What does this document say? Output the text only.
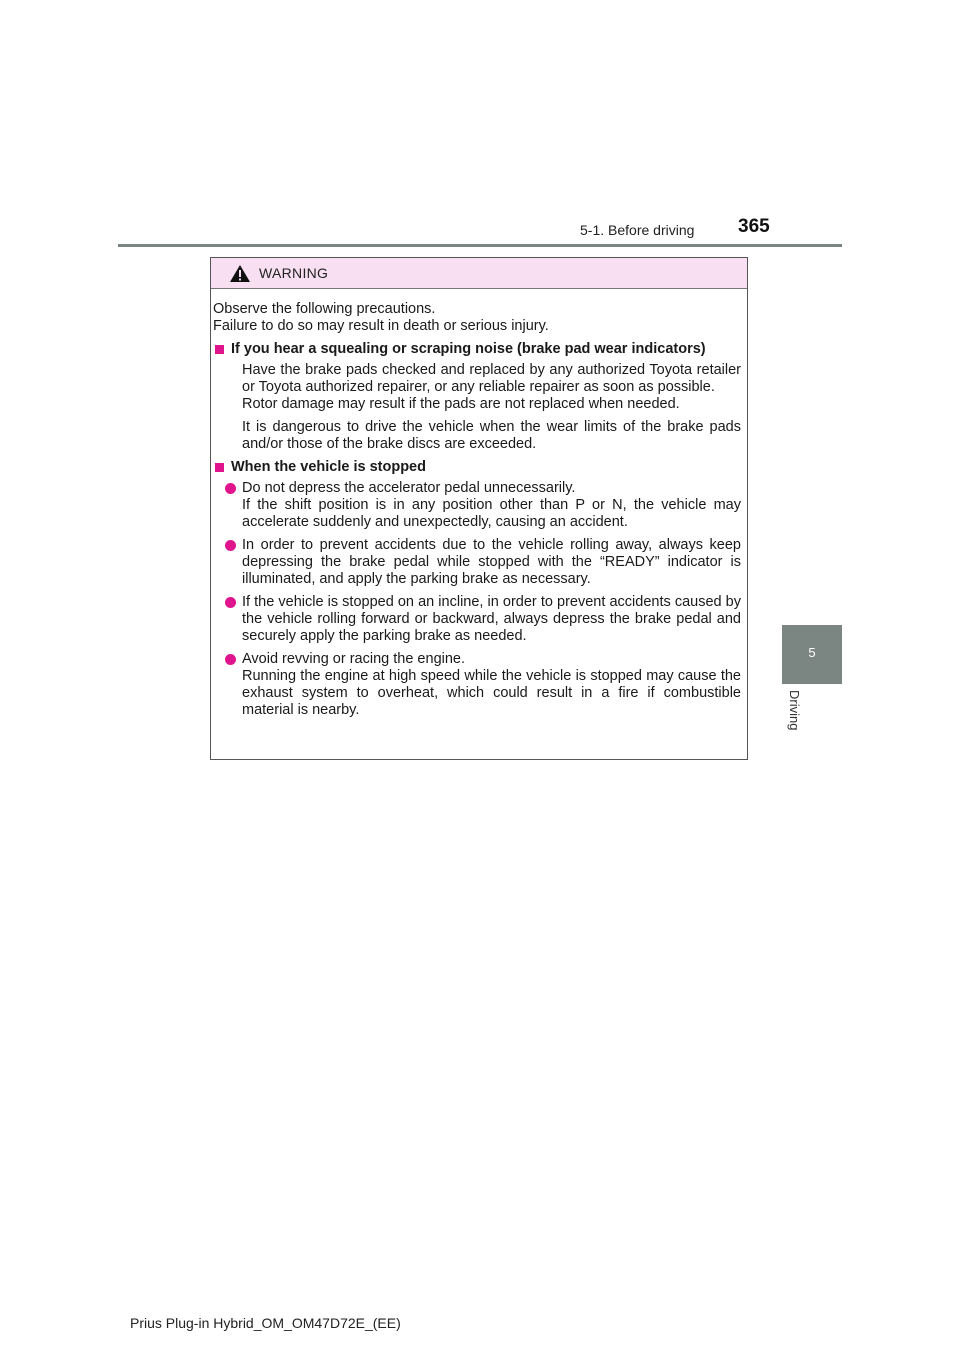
5-1. Before driving 365
5
Driving
WARNING
Observe the following precautions.
Failure to do so may result in death or serious injury.
If you hear a squealing or scraping noise (brake pad wear indicators)
Have the brake pads checked and replaced by any authorized Toyota retailer or Toyota authorized repairer, or any reliable repairer as soon as possible.
Rotor damage may result if the pads are not replaced when needed.
It is dangerous to drive the vehicle when the wear limits of the brake pads and/or those of the brake discs are exceeded.
When the vehicle is stopped
Do not depress the accelerator pedal unnecessarily.
If the shift position is in any position other than P or N, the vehicle may accelerate suddenly and unexpectedly, causing an accident.
In order to prevent accidents due to the vehicle rolling away, always keep depressing the brake pedal while stopped with the “READY” indicator is illuminated, and apply the parking brake as necessary.
If the vehicle is stopped on an incline, in order to prevent accidents caused by the vehicle rolling forward or backward, always depress the brake pedal and securely apply the parking brake as needed.
Avoid revving or racing the engine.
Running the engine at high speed while the vehicle is stopped may cause the exhaust system to overheat, which could result in a fire if combustible material is nearby.
Prius Plug-in Hybrid_OM_OM47D72E_(EE)
